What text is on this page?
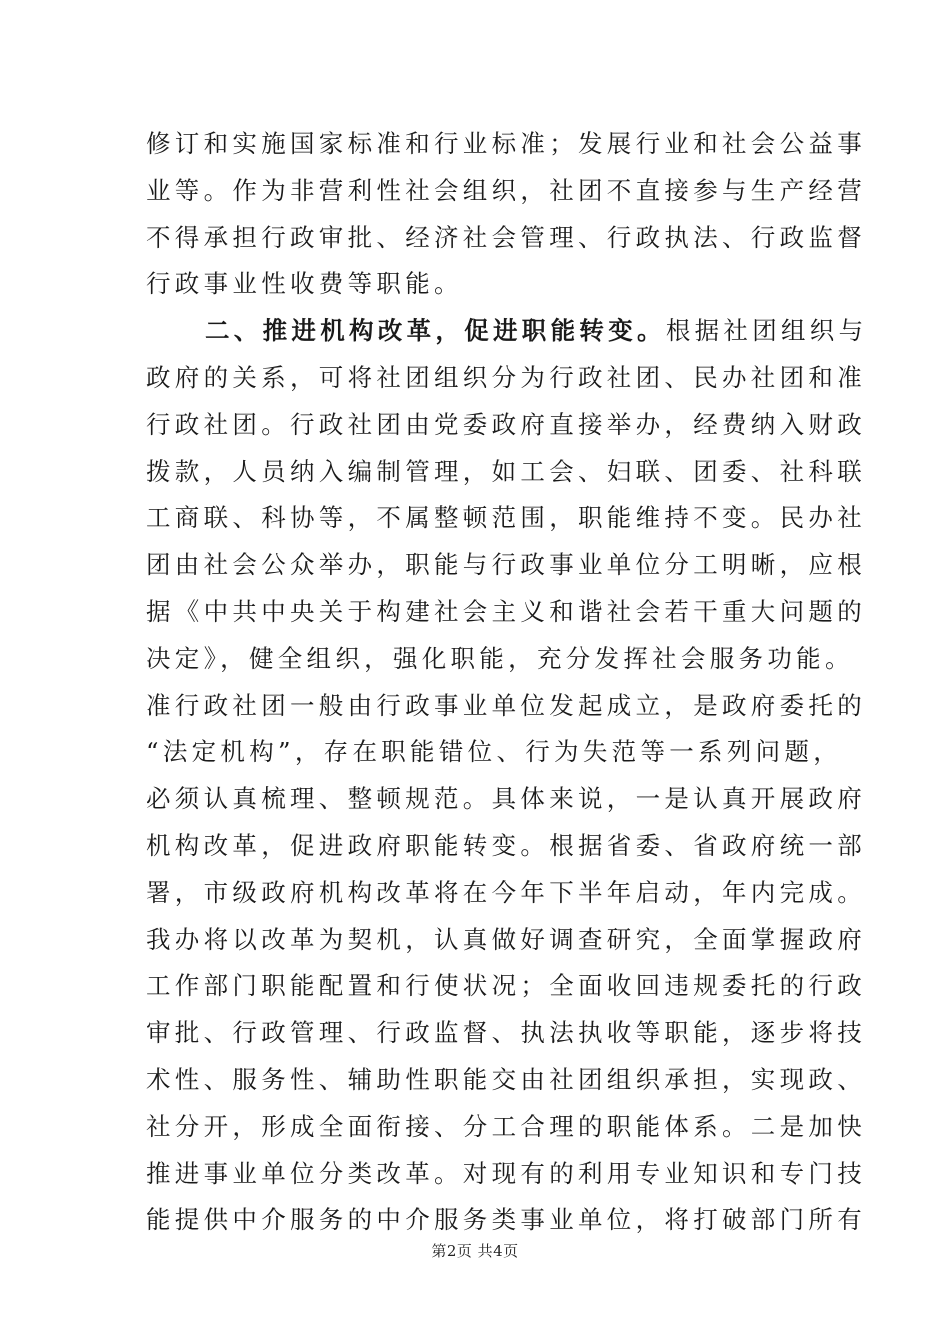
修订和实施国家标准和行业标准；发展行业和社会公益事
业等。作为非营利性社会组织，社团不直接参与生产经营
不得承担行政审批、经济社会管理、行政执法、行政监督
行政事业性收费等职能。
二、推进机构改革，促进职能转变。根据社团组织与
政府的关系，可将社团组织分为行政社团、民办社团和准
行政社团。行政社团由党委政府直接举办，经费纳入财政
拨款，人员纳入编制管理，如工会、妇联、团委、社科联
工商联、科协等，不属整顿范围，职能维持不变。民办社
团由社会公众举办，职能与行政事业单位分工明晰，应根
据《中共中央关于构建社会主义和谐社会若干重大问题的
决定》，健全组织，强化职能，充分发挥社会服务功能。
准行政社团一般由行政事业单位发起成立，是政府委托的
“法定机构”，存在职能错位、行为失范等一系列问题，
必须认真梳理、整顿规范。具体来说，一是认真开展政府
机构改革，促进政府职能转变。根据省委、省政府统一部
署，市级政府机构改革将在今年下半年启动，年内完成。
我办将以改革为契机，认真做好调查研究，全面掌握政府
工作部门职能配置和行使状况；全面收回违规委托的行政
审批、行政管理、行政监督、执法执收等职能，逐步将技
术性、服务性、辅助性职能交由社团组织承担，实现政、
社分开，形成全面衔接、分工合理的职能体系。二是加快
推进事业单位分类改革。对现有的利用专业知识和专门技
能提供中介服务的中介服务类事业单位，将打破部门所有
第2页 共4页
